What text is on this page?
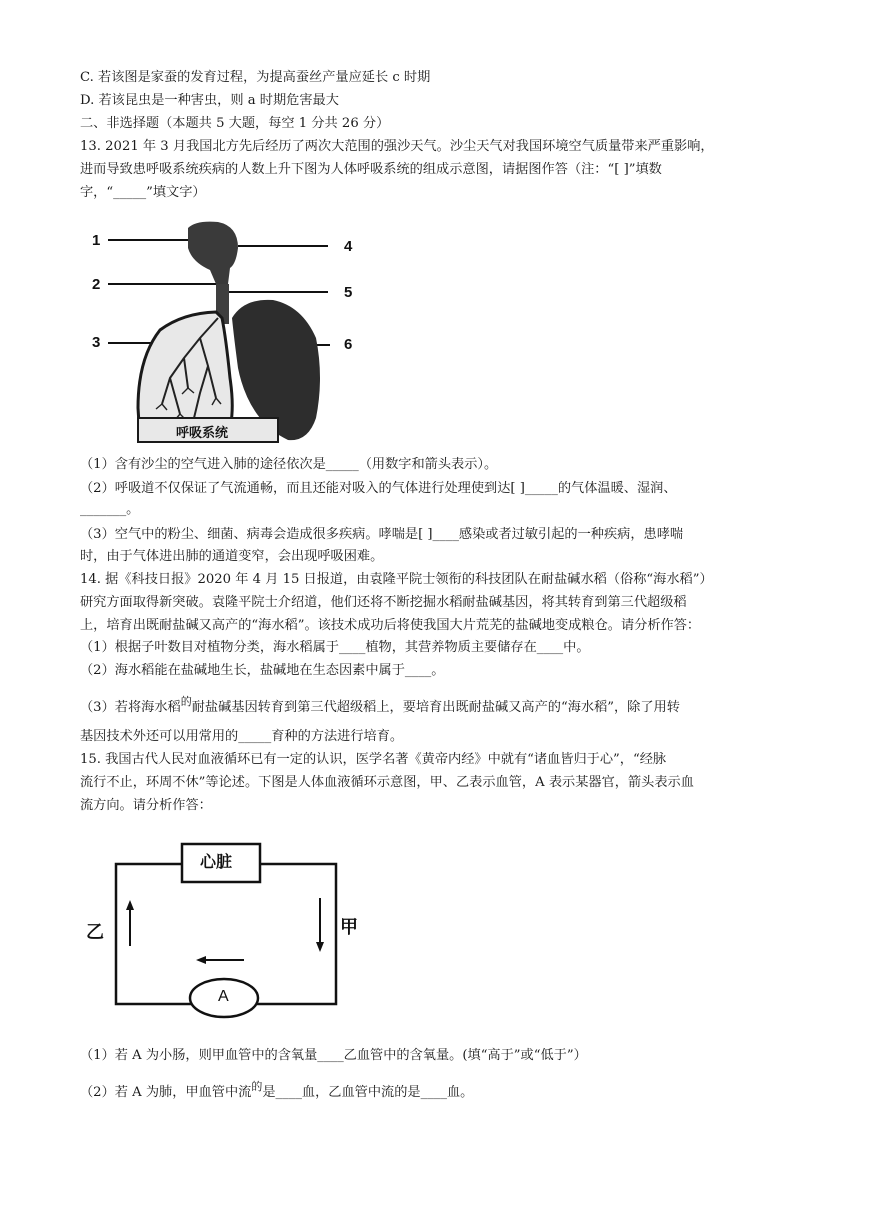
C. 若该图是家蚕的发育过程，为提高蚕丝产量应延长 c 时期
D. 若该昆虫是一种害虫，则 a 时期危害最大
二、非选择题（本题共 5 大题，每空 1 分共 26 分）
13. 2021 年 3 月我国北方先后经历了两次大范围的强沙天气。沙尘天气对我国环境空气质量带来严重影响，
进而导致患呼吸系统疾病的人数上升下图为人体呼吸系统的组成示意图，请据图作答（注：“[ ]”填数
字，“_____”填文字）
1
2
3
4
5
6
呼吸系统
（1）含有沙尘的空气进入肺的途径依次是_____（用数字和箭头表示）。
（2）呼吸道不仅保证了气流通畅，而且还能对吸入的气体进行处理使到达[ ]_____的气体温暖、湿润、
_______。
（3）空气中的粉尘、细菌、病毒会造成很多疾病。哮喘是[ ]____感染或者过敏引起的一种疾病，患哮喘
时，由于气体进出肺的通道变窄，会出现呼吸困难。
14. 据《科技日报》2020 年 4 月 15 日报道，由袁隆平院士领衔的科技团队在耐盐碱水稻（俗称“海水稻”）
研究方面取得新突破。袁隆平院士介绍道，他们还将不断挖掘水稻耐盐碱基因，将其转育到第三代超级稻
上，培育出既耐盐碱又高产的“海水稻”。该技术成功后将使我国大片荒芜的盐碱地变成粮仓。请分析作答：
（1）根据子叶数目对植物分类，海水稻属于____植物，其营养物质主要储存在____中。
（2）海水稻能在盐碱地生长，盐碱地在生态因素中属于____。
（3）若将海水稻$^的$耐盐碱基因转育到第三代超级稻上，要培育出既耐盐碱又高产的“海水稻”，除了用转
基因技术外还可以用常用的_____育种的方法进行培育。
15. 我国古代人民对血液循环已有一定的认识，医学名著《黄帝内经》中就有“诸血皆归于心”，“经脉
流行不止，环周不休”等论述。下图是人体血液循环示意图，甲、乙表示血管，A 表示某器官，箭头表示血
流方向。请分析作答：
心脏
A
乙	甲
（1）若 A 为小肠，则甲血管中的含氧量____乙血管中的含氧量。(填“高于”或“低于”）
（2）若 A 为肺，甲血管中流$^的$是____血，乙血管中流的是____血。
